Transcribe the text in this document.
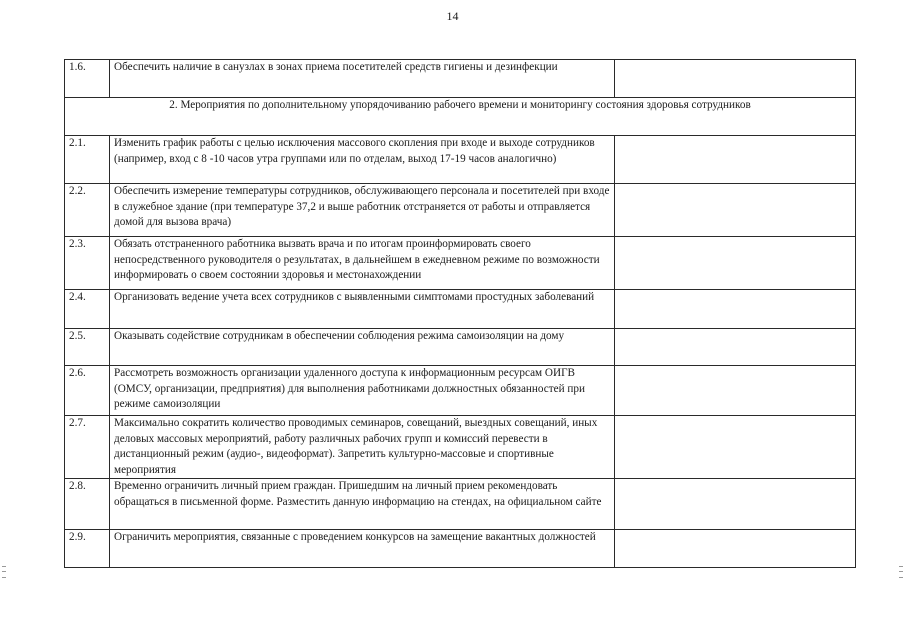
14
1.6.	Обеспечить наличие в санузлах в зонах приема посетителей средств гигиены и дезинфекции	
2. Мероприятия по дополнительному упорядочиванию рабочего времени и мониторингу состояния здоровья сотрудников		
2.1.	Изменить график работы с целью исключения массового скопления при входе и выходе сотрудников (например, вход с 8 -10 часов утра группами или по отделам, выход 17-19 часов аналогично)	
2.2.	Обеспечить измерение температуры сотрудников, обслуживающего персонала и посетителей при входе в служебное здание (при температуре 37,2 и выше работник отстраняется от работы и отправляется домой для вызова врача)	
2.3.	Обязать отстраненного работника вызвать врача и по итогам проинформировать своего непосредственного руководителя о результатах, в дальнейшем в ежедневном режиме по возможности информировать о своем состоянии здоровья и местонахождении	
2.4.	Организовать ведение учета всех сотрудников с выявленными симптомами простудных заболеваний	
2.5.	Оказывать содействие сотрудникам в обеспечении соблюдения режима самоизоляции на дому	
2.6.	Рассмотреть возможность организации удаленного доступа к информационным ресурсам ОИГВ (ОМСУ, организации, предприятия) для выполнения работниками должностных обязанностей при режиме самоизоляции	
2.7.	Максимально сократить количество проводимых семинаров, совещаний, выездных совещаний, иных деловых массовых мероприятий, работу различных рабочих групп и комиссий перевести в дистанционный режим (аудио-, видеоформат). Запретить культурно-массовые и спортивные мероприятия	
2.8.	Временно ограничить личный прием граждан. Пришедшим на личный прием рекомендовать обращаться в письменной форме. Разместить данную информацию на стендах, на официальном сайте	
2.9.	Ограничить мероприятия, связанные с проведением конкурсов на замещение вакантных должностей	
